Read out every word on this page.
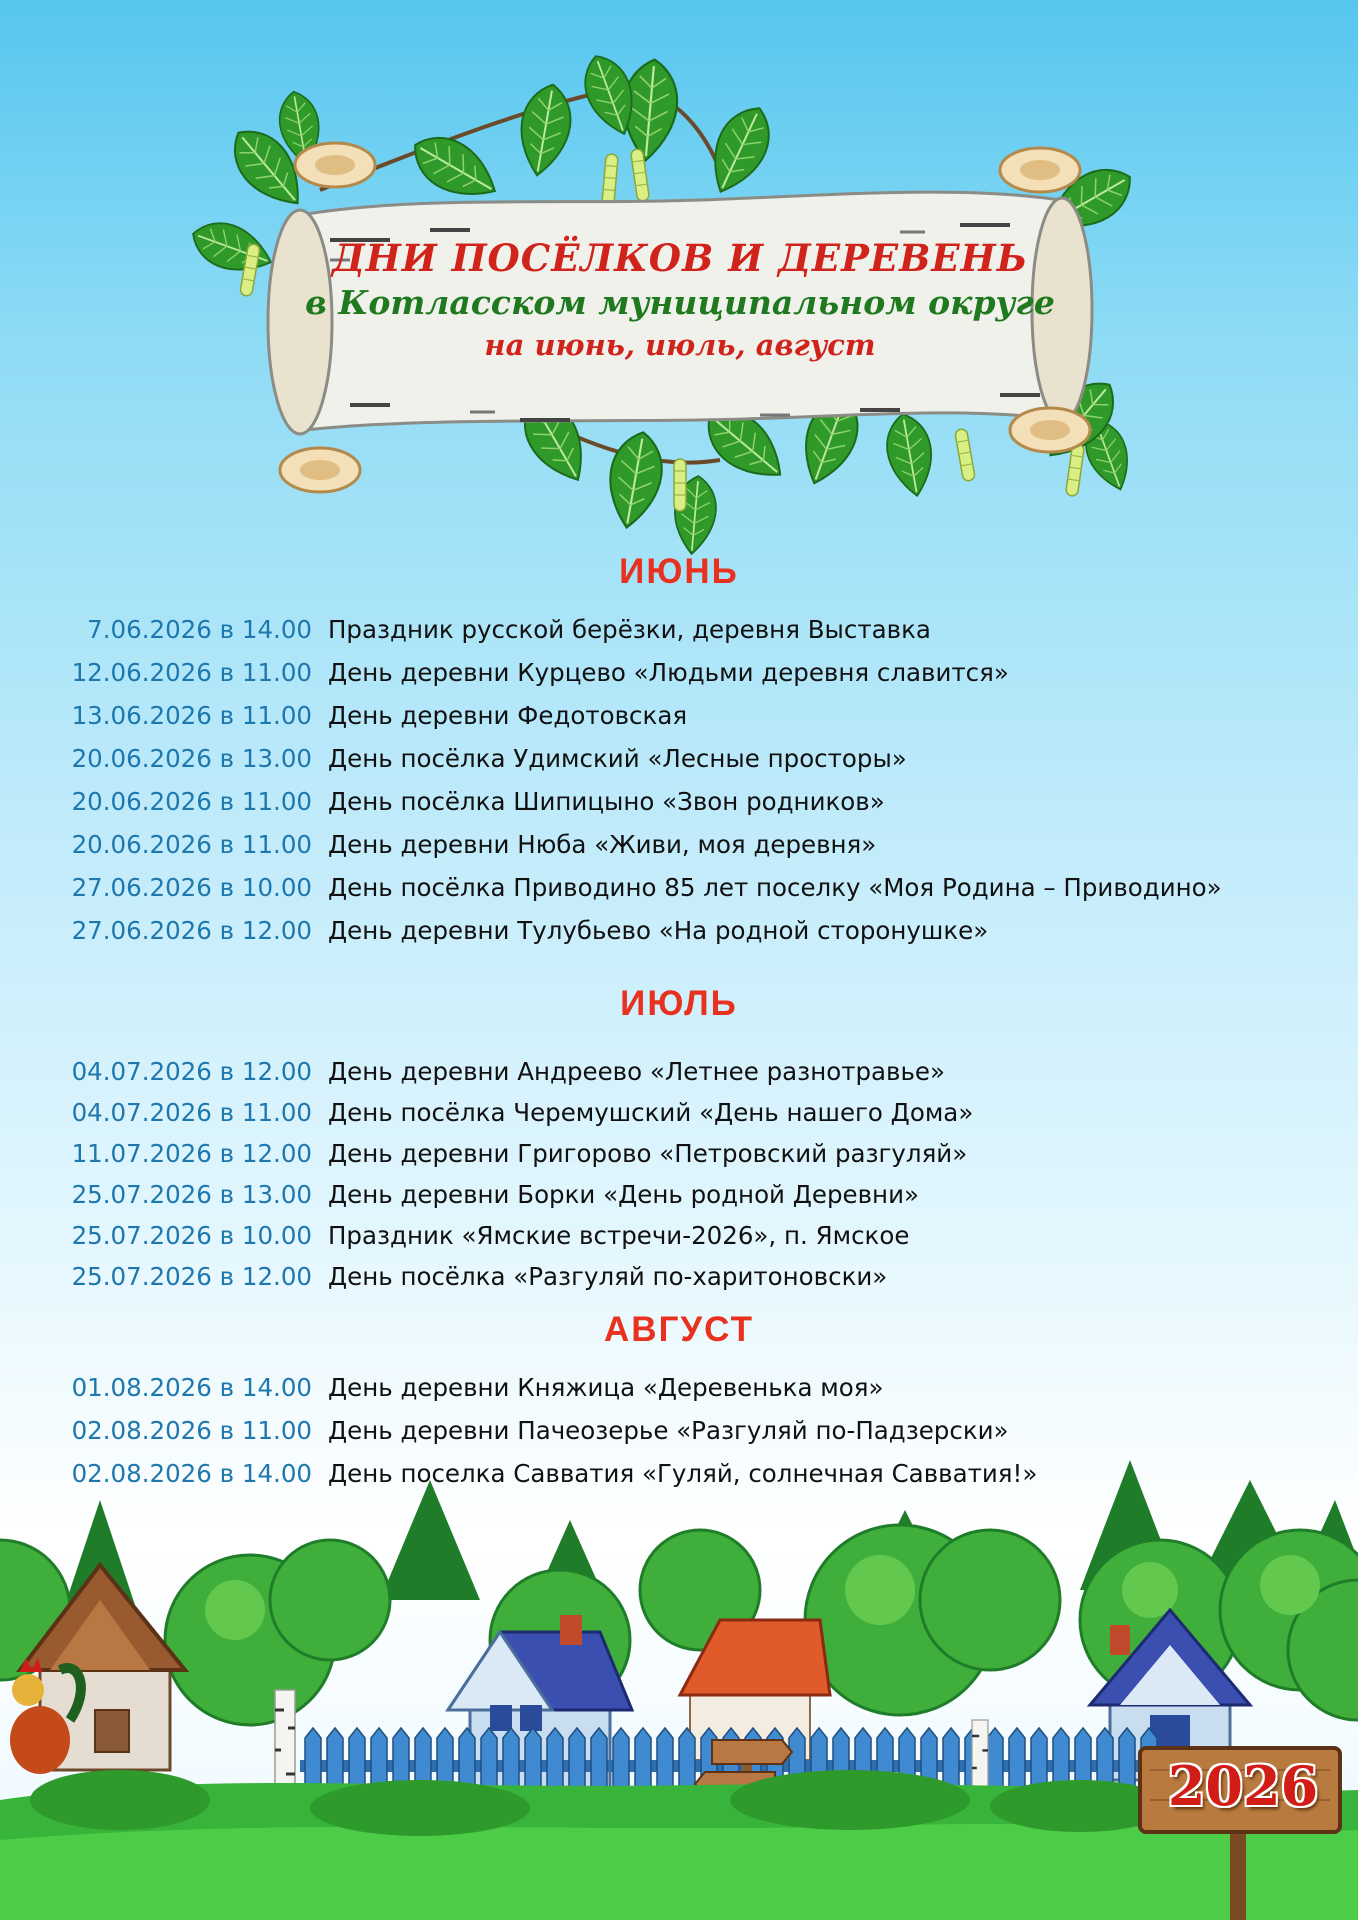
ДНИ ПОСЁЛКОВ И ДЕРЕВЕНЬ
в Котласском муниципальном округе
на июнь, июль, август
ИЮНЬ
7.06.2026 в 14.00 Праздник русской берёзки, деревня Выставка
12.06.2026 в 11.00 День деревни Курцево «Людьми деревня славится»
13.06.2026 в 11.00 День деревни Федотовская
20.06.2026 в 13.00 День посёлка Удимский «Лесные просторы»
20.06.2026 в 11.00 День посёлка Шипицыно «Звон родников»
20.06.2026 в 11.00 День деревни Нюба «Живи, моя деревня»
27.06.2026 в 10.00 День посёлка Приводино 85 лет поселку «Моя Родина – Приводино»
27.06.2026 в 12.00 День деревни Тулубьево «На родной сторонушке»
ИЮЛЬ
04.07.2026 в 12.00 День деревни Андреево «Летнее разнотравье»
04.07.2026 в 11.00 День посёлка Черемушский «День нашего Дома»
11.07.2026 в 12.00 День деревни Григорово «Петровский разгуляй»
25.07.2026 в 13.00 День деревни Борки «День родной Деревни»
25.07.2026 в 10.00 Праздник «Ямские встречи-2026», п. Ямское
25.07.2026 в 12.00 День посёлка «Разгуляй по-харитоновски»
АВГУСТ
01.08.2026 в 14.00 День деревни Княжица «Деревенька моя»
02.08.2026 в 11.00 День деревни Пачеозерье «Разгуляй по-Падзерски»
02.08.2026 в 14.00 День поселка Савватия «Гуляй, солнечная Савватия!»
2026
